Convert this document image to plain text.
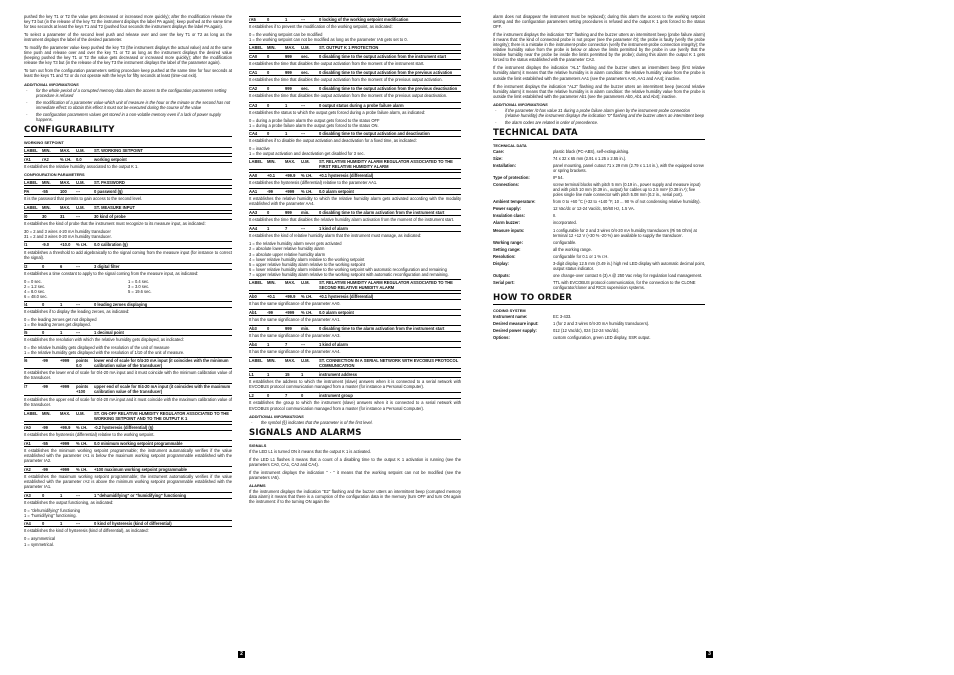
pushed the key T1 or T2 the value gets decreased or increased more quickly); after the modification release the key T3 but (in the release of the key T2 the instrument displays the label PA again); keep pushed at the same time for two seconds at least the keys T1 and T2 (pushed four seconds the instrument displays the label PA again).

To select a parameter of the second level push and release over and over the key T1 or T2 as long as the instrument displays the label of the desired parameter.

To modify the parameter value keep pushed the key T3 (the instrument displays the actual value) and at the same time push and release over and over the key T1 or T2 as long as the instrument displays the desired value (keeping pushed the key T1 or T2 the value gets decreased or increased more quickly); after the modification release the key T3 but (in the release of the key T3 the instrument displays the label of the parameter again).

To turn out from the configuration parameters setting procedure keep pushed at the same time for four seconds at least the keys T1 and T2 or do not operate with the keys for fifty seconds at least (time-out exit).

ADDITIONAL INFORMATIONS
- for the whole period of a corrupted memory data alarm the access to the configuration parameters setting procedure is refused
- the modification of a parameter value which unit of measure is the hour or the minute or the second has not immediate effect: to obtain this effect it must not be executed during the course of the value
- the configuration parameters values get stored in a non-volatile memory even if a lack of power supply happens.
CONFIGURABILITY
WORKING SETPOINT
LABEL	MIN.	MAX.	U.M.	ST. WORKING SETPOINT
rA1	rA2	% r.H.	0.0	working setpoint

It establishes the relative humidity associated to the output K 1.

CONFIGURATION PARAMETERS
LABEL	MIN.	MAX.	U.M.	ST. PASSWORD
PA	-55	100	---	0 password (§)

It is the password that permits to gain access to the second level.

LABEL	MIN.	MAX.	U.M.	ST. MEASURE INPUT
/0	30	31	---	30 kind of probe

It establishes the kind of probe that the instrument must recognize to its measure input, as indicated:

30 = 2 and 3 wires 4-20 mA humidity transducer
31 = 2 and 3 wires 0-20 mA humidity transducer.
/1	-9.0	+10.0	% r.H.	0.0 calibration (§)

It establishes a threshold to add algebraically to the signal coming from the measure input (for instance to correct the signal).

/2	0	6	---	3 digital filter

It establishes a time constant to apply to the signal coming from the measure input, as indicated:

0 = 0 sec.	1 = 0.4 sec.
2 = 1.2 sec.	3 = 3.0 sec.
4 = 8.0 sec.	5 = 19.6 sec.
6 = 48.0 sec.
/4	0	1	---	0 leading zeroes displaying

It establishes if to display the leading zeroes, as indicated:

0 = the leading zeroes get not displayed
1 = the leading zeroes get displayed.
/5	0	1	---	1 decimal point

It establishes the resolution with which the relative humidity gets displayed, as indicated:

0 = the relative humidity gets displayed with the resolution of the unit of measure
1 = the relative humidity gets displayed with the resolution of 1/10 of the unit of measure.
/6	-99	+999	points 0.0
lower end of scale for 0/4-20 mA input (it coincides with the minimum calibration value of the transducer)

It establishes the lower end of scale for 0/4-20 mA input and it must coincide with the minimum calibration value of the transducer.

/7	-99	+999	points +100
upper end of scale for 0/4-20 mA input (it coincides with the maximum calibration value of the transducer)

It establishes the upper end of scale for 0/4-20 mA input and it must coincide with the maximum calibration value of the transducer.

LABEL	MIN.	MAX.	U.M.	ST. ON-OFF RELATIVE HUMIDITY REGULATOR ASSOCIATED TO THE WORKING SETPOINT AND TO THE OUTPUT K 1
rA0	-99	+99.9	% r.H.	-0.2 hysteresis (differential) (§)

It establishes the hysteresis (differential) relative to the working setpoint.

rA1	-55	+999	% r.H.	0.0 minimum working setpoint programmable

It establishes the minimum working setpoint programmable; the instrument automatically verifies if the value established with the parameter rA1 is below the maximum working setpoint programmable established with the parameter rA2.

rA2	-99	+999	% r.H.	+100 maximum working setpoint programmable

It establishes the maximum working setpoint programmable; the instrument automatically verifies if the value established with the parameter rA2 is above the minimum working setpoint programmable established with the parameter rA1.

rA3	0	1	---	1 "dehumidifying" or "humidifying" functioning

It establishes the output functioning, as indicated:

0 = "dehumidifying" functioning
1 = "humidifying" functioning.
rA4	0	1	---	0 kind of hysteresis (kind of differential)

It establishes the kind of hysteresis (kind of differential), as indicated:

0 = asymmetrical
1 = symmetrical.
rA5	0	1	---	0 locking of the working setpoint modification

It establishes if to prevent the modification of the working setpoint, as indicated:

0 = the working setpoint can be modified
1 = the working setpoint can not be modified as long as the parameter rA5 gets set to 0.
LABEL	MIN.	MAX.	U.M.	ST. OUTPUT K 1 PROTECTION
CA0	0	999	sec.	0 disabling time to the output activation from the instrument start

It establishes the time that disables the output activation from the moment of the instrument start.

CA1	0	999	sec.	0 disabling time to the output activation from the previous activation

It establishes the time that disables the output activation from the moment of the previous output activation.

CA2	0	999	sec.	0 disabling time to the output activation from the previous deactivation

It establishes the time that disables the output activation from the moment of the previous output deactivation.

CA3	0	1	---	0 output status during a probe failure alarm

It establishes the status to which the output gets forced during a probe failure alarm, as indicated:

0 = during a probe failure alarm the output gets forced to the status OFF
1 = during a probe failure alarm the output gets forced to the status ON.
CA4	0	1	---	0 disabling time to the output activation and deactivation

It establishes if to disable the output activation and deactivation for a fixed time, as indicated:

0 = inactive
1 = the output activation and deactivation get disabled for 3 sec.
LABEL	MIN.	MAX.	U.M.	ST. RELATIVE HUMIDITY ALARM REGULATOR ASSOCIATED TO THE FIRST RELATIVE HUMIDITY ALARM
AA0	+0.1	+99.9	% r.H.	+0.1 hysteresis (differential)

It establishes the hysteresis (differential) relative to the parameter AA1.

AA1	-99	+999	% r.H.	0.0 alarm setpoint

It establishes the relative humidity to which the relative humidity alarm gets activated according with the modality established with the parameter AA4.

AA3	0	999	min.	0 disabling time to the alarm activation from the instrument start

It establishes the time that disables the relative humidity alarm activation from the moment of the instrument start.

AA4	1	7	---	1 kind of alarm

It establishes the kind of relative humidity alarm that the instrument must manage, as indicated:

1 = the relative humidity alarm never gets activated
2 = absolute lower relative humidity alarm
3 = absolute upper relative humidity alarm
4 = lower relative humidity alarm relative to the working setpoint
5 = upper relative humidity alarm relative to the working setpoint
6 = lower relative humidity alarm relative to the working setpoint with automatic reconfiguration and remaining
7 = upper relative humidity alarm relative to the working setpoint with automatic reconfiguration and remaining.
LABEL	MIN.	MAX.	U.M.	ST. RELATIVE HUMIDITY ALARM REGULATOR ASSOCIATED TO THE SECOND RELATIVE HUMIDITY ALARM
Ab0	+0.1	+99.9	% r.H.	+0.1 hysteresis (differential)

It has the same significance of the parameter AA0.

Ab1	-99	+999	% r.H.	0.0 alarm setpoint

It has the same significance of the parameter AA1.

Ab3	0	999	min.	0 disabling time to the alarm activation from the instrument start

It has the same significance of the parameter AA3.

Ab4	1	7	---	1 kind of alarm

It has the same significance of the parameter AA4.

LABEL	MIN.	MAX.	U.M.	ST. CONNECTION IN A SERIAL NETWORK WITH EVCOBUS PROTOCOL COMMUNICATION
L1	1	15	1	instrument address

It establishes the address to which the instrument (slave) answers when it is connected to a serial network with EVCOBUS protocol communication managed from a master (for instance a Personal Computer).

L2	0	7	0	instrument group

It establishes the group to which the instrument (slave) answers when it is connected to a serial network with EVCOBUS protocol communication managed from a master (for instance a Personal Computer).

ADDITIONAL INFORMATIONS
- the symbol (§) indicates that the parameter is of the first level.
SIGNALS AND ALARMS
SIGNALS

If the LED L1 is turned ON it means that the output K 1 is activated.

If the LED L1 flashes it means that a count of a disabling time to the output K 1 activation is running (see the parameters CA0, CA1, CA2 and CA4).

If the instrument displays the indication " - " it means that the working setpoint can not be modified (see the parameters rA5).

ALARMS

If the instrument displays the indication "E2" flashing and the buzzer utters an intermittent beep (corrupted memory data alarm) it means that there is a corruption of the configuration data in the memory (turn OFF and turn ON again the instrument: if to the turning ON again the

alarm does not disappear the instrument must be replaced); during this alarm the access to the working setpoint setting and the configuration parameters setting procedures is refused and the output K 1 gets forced to the status OFF.

If the instrument displays the indication "E0" flashing and the buzzer utters an intermittent beep (probe failure alarm) it means that: the kind of connected probe is not proper (see the parameter /0); the probe is faulty (verify the probe integrity); there is a mistake in the instrument-probe connection (verify the instrument-probe connection integrity); the relative humidity value from the probe is below or above the limits permitted by the probe in use (verify that the relative humidity near the probe be inside the limits permitted by the probe); during this alarm the output K 1 gets forced to the status established with the parameter CA3.

If the instrument displays the indication "AL1" flashing and the buzzer utters an intermittent beep (first relative humidity alarm) it means that the relative humidity is in alarm condition: the relative humidity value from the probe is outside the limit established with the parameters AA1 (see the parameters AA0, AA1 and AA4); inactive.

If the instrument displays the indication "AL2" flashing and the buzzer utters an intermittent beep (second relative humidity alarm) it means that the relative humidity is in alarm condition: the relative humidity value from the probe is outside the limit established with the parameter Ab1 (see the parameters Ab0, Ab1 and Ab4); inactive.

ADDITIONAL INFORMATIONS
- if the parameter /0 has value 31 during a probe failure alarm given by the instrument-probe connection (relative humidity) the instrument displays the indication "0" flashing and the buzzer utters an intermittent beep
- the alarm codes are related in order of precedence.
TECHNICAL DATA
TECHNICAL DATA
Case:	plastic black (PC-ABS), self-extinguishing.
Size:	74 x 32 x 65 mm (2.91 x 1.25 x 2.55 in.).
Installation:	panel mounting, panel cutout 71 x 29 mm (2.79 x 1.14 in.), with the equipped screw or spring brackets.
Type of protection:	IP 54.
Connections:	screw terminal blocks with pitch 5 mm (0.19 in., power supply and measure input) and with pitch 10 mm (0.39 in., output) for cables up to 2.5 mm² (0.38 in.²); five poles single line male connector with pitch 5.08 mm (0.2 in., serial port).
Ambient temperature:	from 0 to +60 °C (+32 to +140 °F, 10 ... 90 % of not condensing relative humidity).
Power supply:	12 Vac/dc or 12-24 Vac/dc, 50/60 Hz, 1.5 VA.
Insulation class:	II.
Alarm buzzer:	incorporated.
Measure inputs:	1 configurable for 2 and 3 wires 0/4-20 mA humidity transducers (Ri 56 Ohm) at terminal 12 +12 V (+30 % -20 %) are available to supply the transducer.
Working range:	configurable.
Setting range:	all the working range.
Resolution:	configurable for 0.1 or 1 % r.H.
Display:	3-digit display 12.5 mm (0.49 in.) high red LED display with automatic decimal point, output status indicator.
Outputs:	one change-over contact 6 (3) A @ 250 Vac relay for regulation load management.
Serial port:	TTL with EVCOBUS protocol communication, for the connection to the CLONE configurator/cloner and RICS supervision systems.
HOW TO ORDER
CODING SYSTEM
Instrument name:	EC 3-433.
Desired measure input:	1 (for 2 and 3 wires 0/4-20 mA humidity transducers).
Desired power supply:	012 (12 Vac/dc), 024 (12-24 Vac/dc).
Options:	custom configuration, green LED display, SSR output.
2	3
